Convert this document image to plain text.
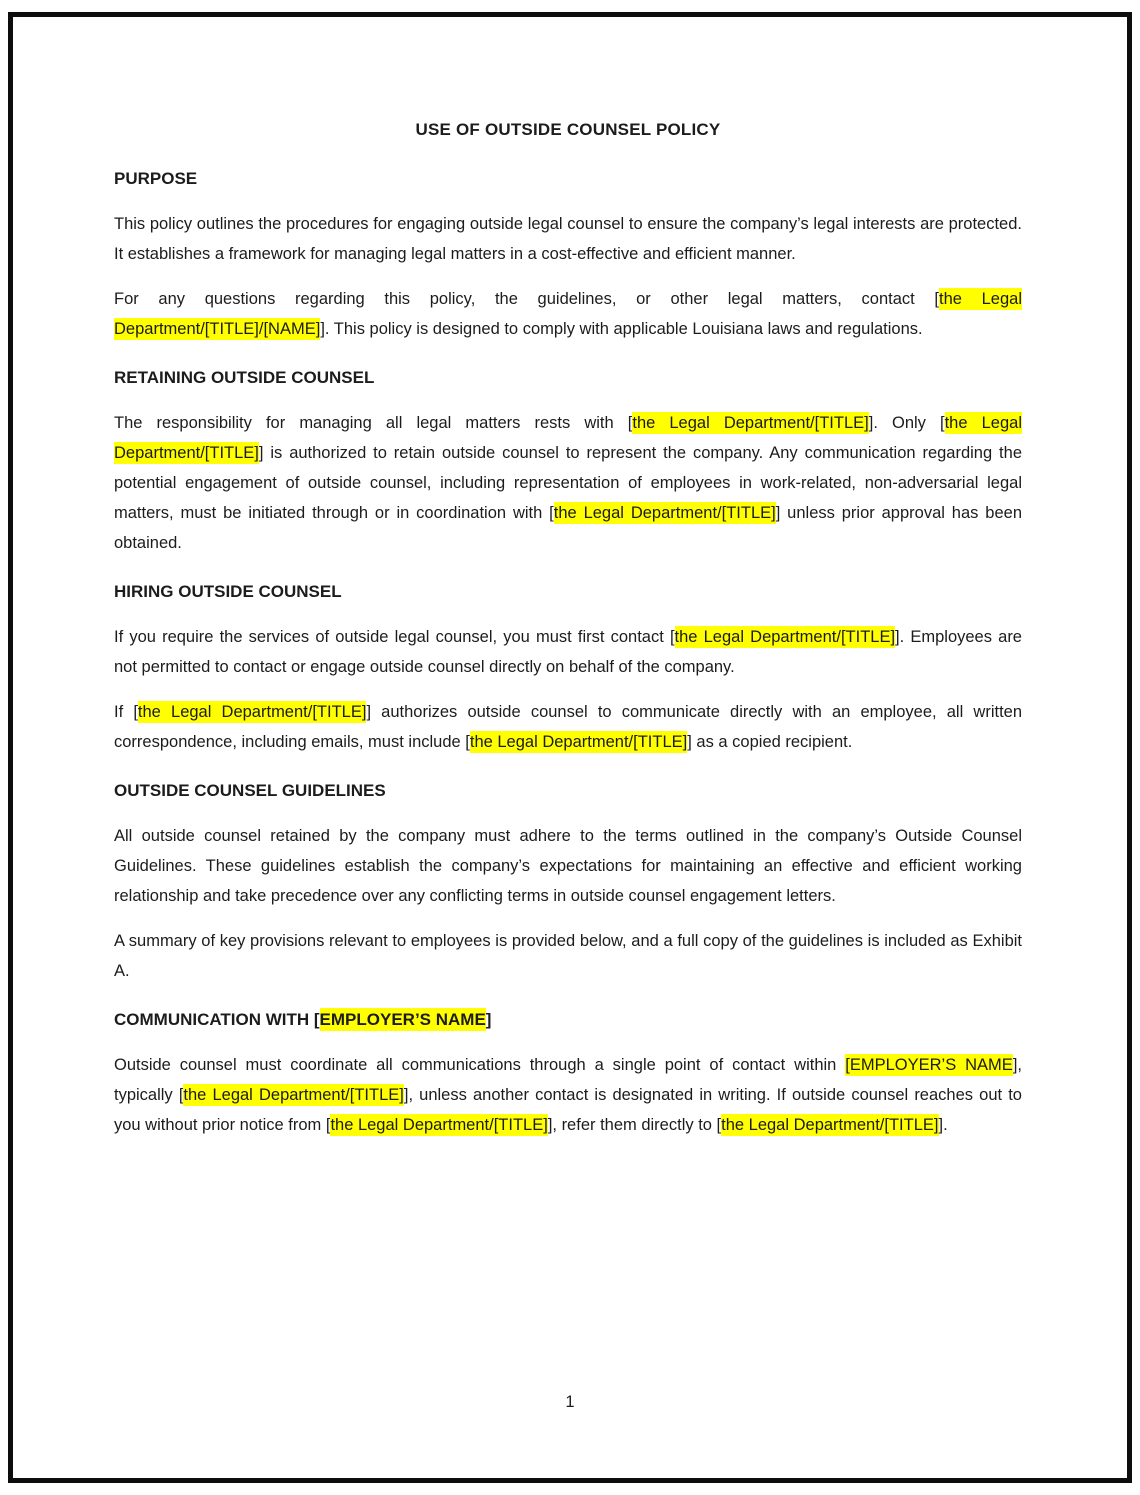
USE OF OUTSIDE COUNSEL POLICY
PURPOSE

This policy outlines the procedures for engaging outside legal counsel to ensure the company’s legal interests are protected. It establishes a framework for managing legal matters in a cost-effective and efficient manner.

For any questions regarding this policy, the guidelines, or other legal matters, contact [the Legal Department/[TITLE]/[NAME]]. This policy is designed to comply with applicable Louisiana laws and regulations.

RETAINING OUTSIDE COUNSEL

The responsibility for managing all legal matters rests with [the Legal Department/[TITLE]]. Only [the Legal Department/[TITLE]] is authorized to retain outside counsel to represent the company. Any communication regarding the potential engagement of outside counsel, including representation of employees in work-related, non-adversarial legal matters, must be initiated through or in coordination with [the Legal Department/[TITLE]] unless prior approval has been obtained.

HIRING OUTSIDE COUNSEL

If you require the services of outside legal counsel, you must first contact [the Legal Department/[TITLE]]. Employees are not permitted to contact or engage outside counsel directly on behalf of the company.

If [the Legal Department/[TITLE]] authorizes outside counsel to communicate directly with an employee, all written correspondence, including emails, must include [the Legal Department/[TITLE]] as a copied recipient.

OUTSIDE COUNSEL GUIDELINES

All outside counsel retained by the company must adhere to the terms outlined in the company’s Outside Counsel Guidelines. These guidelines establish the company’s expectations for maintaining an effective and efficient working relationship and take precedence over any conflicting terms in outside counsel engagement letters.

A summary of key provisions relevant to employees is provided below, and a full copy of the guidelines is included as Exhibit A.

COMMUNICATION WITH [EMPLOYER’S NAME]

Outside counsel must coordinate all communications through a single point of contact within [EMPLOYER’S NAME], typically [the Legal Department/[TITLE]], unless another contact is designated in writing. If outside counsel reaches out to you without prior notice from [the Legal Department/[TITLE]], refer them directly to [the Legal Department/[TITLE]].

1
